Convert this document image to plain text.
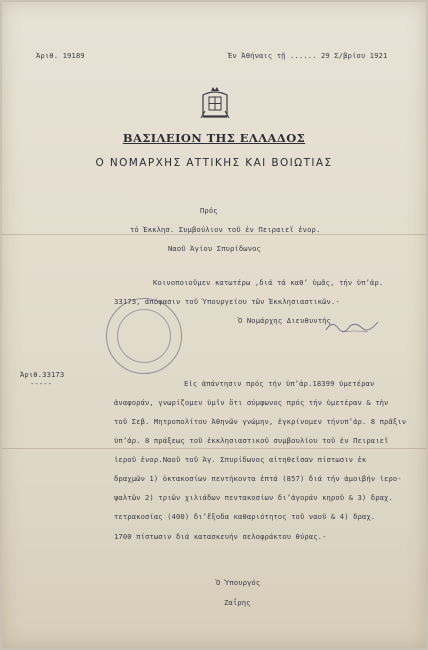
Ἀριθ. 19189	Ἐν Ἀθήναις τῇ ...... 29 Σ/βρίου 1921
ΒΑΣΙΛΕΙΟΝ ΤΗΣ ΕΛΛΑΔΟΣ
Ο ΝΟΜΑΡΧΗΣ ΑΤΤΙΚΗΣ ΚΑΙ ΒΟΙΩΤΙΑΣ
Πρός
τό Ἐκκλησ. Συμβούλιον τοῦ ἐν Πειραιεῖ ἐνορ.
Ναοῦ Ἁγίου Σπυρίδωνος
Κοινοποιοῦμεν κατωτέρω ,διά τά καθ’ ὑμᾶς, τήν ὑπ’ἀρ.
33173, ἀπόφασιν τοῦ Ὑπουργείου τῶν Ἐκκλησιαστικῶν.-
Ὁ Νομάρχης Διευθυντής
Ἀριθ.33173
-----	Εἰς ἀπάντησιν πρός τήν ὑπ’ἀρ.18399 ὑμετέραν
ἀναφοράν, γνωρίζομεν ὑμῖν ὅτι σύμφωνος πρός τήν ὑμετέραν & τὴν
τοῦ Σεβ. Μητροπολίτου Ἀθηνῶν γνώμην, ἐγκρίνομεν τήνυπ’ἀρ. 8 πρᾶξιν
ὑπ’ἀρ. 8 πράξεως τοῦ ἐκκλησιαστικοῦ συμβουλίου τοῦ ἐν Πειραιεῖ
ἱεροῦ ἐνορ.Ναοῦ τοῦ Ἁγ. Σπυρίδωνος αἰτηθεῖσαν πίστωσιν ἐκ
δραχμῶν 1) ὀκτακοσίων πεντήκοντα ἑπτά (857) διά τήν ἀμοιβήν ἱερο-
ψαλτῶν 2) τριῶν χιλιάδων πεντακοσίων δι’ἀγοράν κηροῦ & 3) δραχ.
τετρακοσίας (400) δι’ἔξοδα καθαριότητος τοῦ ναοῦ & 4) δραχ.
1700 πίστωσιν διά κατασκευήν σελοφράκτου θύρας.-
Ὁ Ὑπουργός
Ζαΐρης
